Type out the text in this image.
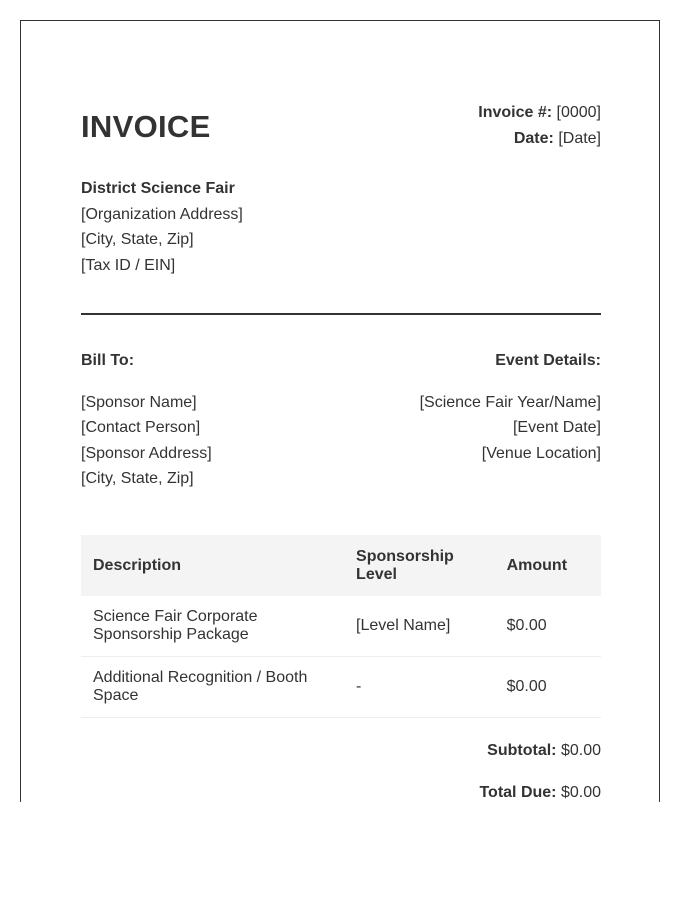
INVOICE	Invoice #: [0000]
Date: [Date]
District Science Fair
[Organization Address]
[City, State, Zip]
[Tax ID / EIN]
Bill To:
[Sponsor Name]
[Contact Person]
[Sponsor Address]
[City, State, Zip]
Event Details:
[Science Fair Year/Name]
[Event Date]
[Venue Location]
Description	Sponsorship Level	Amount
Science Fair Corporate Sponsorship Package	[Level Name]	$0.00
Additional Recognition / Booth Space	-	$0.00
Subtotal: $0.00
Total Due: $0.00
